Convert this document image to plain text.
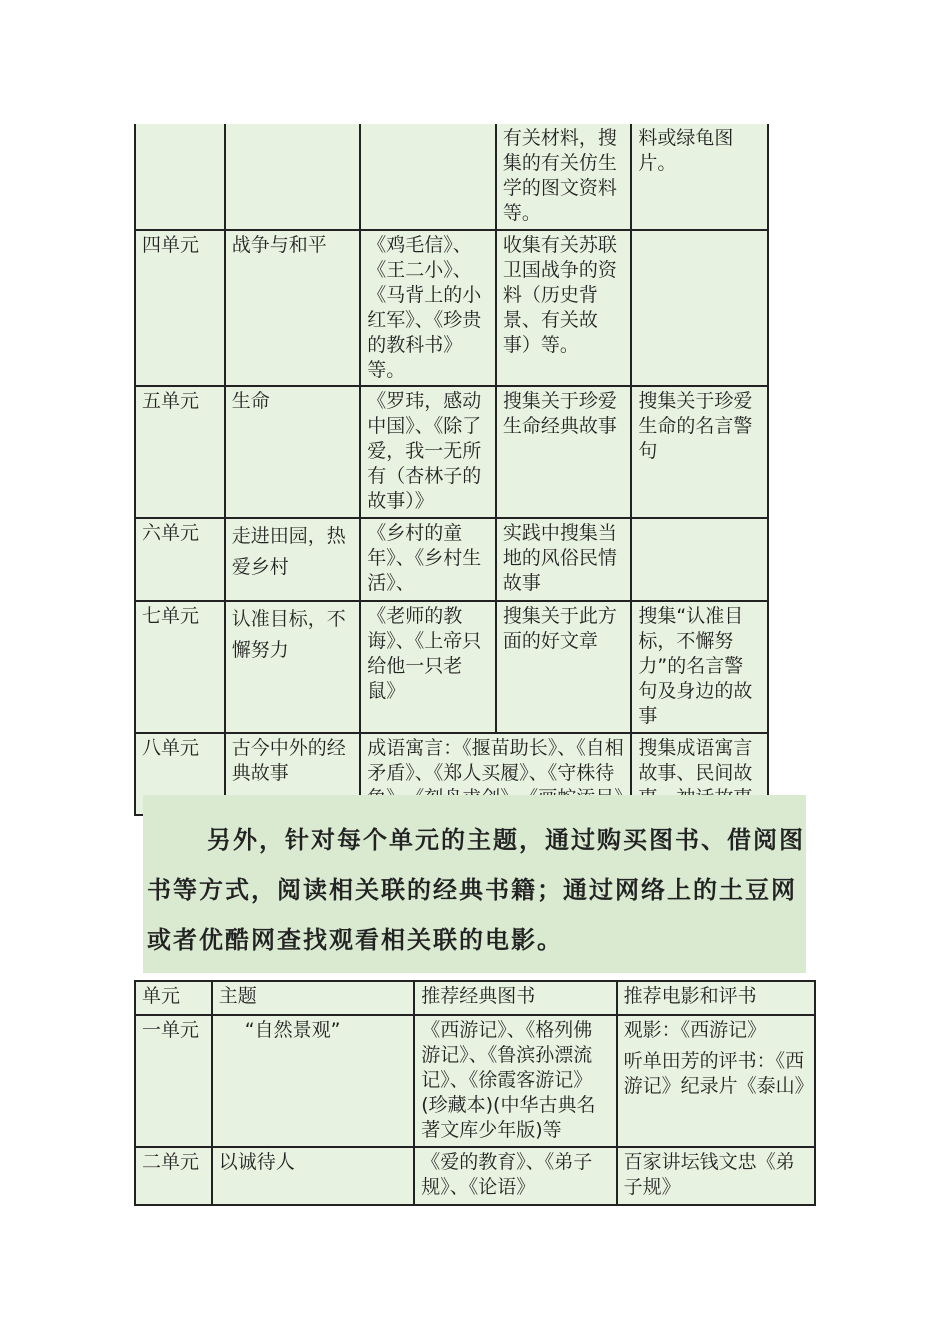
			有关材料，搜集的有关仿生学的图文资料等。	料或绿龟图片。
四单元	战争与和平	《鸡毛信》、《王二小》、《马背上的小红军》、《珍贵的教科书》等。	收集有关苏联卫国战争的资料（历史背景、有关故事）等。	
五单元	生命	《罗玮，感动中国》、《除了爱，我一无所有（杏林子的故事）》	搜集关于珍爱生命经典故事	搜集关于珍爱生命的名言警句
六单元	走进田园，热爱乡村	《乡村的童年》、《乡村生活》、	实践中搜集当地的风俗民情故事	
七单元	认准目标，不懈努力	《老师的教诲》、《上帝只给他一只老鼠》	搜集关于此方面的好文章	搜集“认准目标，不懈努力”的名言警句及身边的故事
八单元	古今中外的经典故事	成语寓言：《揠苗助长》、《自相矛盾》、《郑人买履》、《守株待		搜集成语寓言故事、民间故

另外，针对每个单元的主题，通过购买图书、借阅图书等方式，阅读相关联的经典书籍；通过网络上的土豆网或者优酷网查找观看相关联的电影。

单元	主题	推荐经典图书	推荐电影和评书
一单元	“自然景观”	《西游记》、《格列佛游记》、《鲁滨孙漂流记》、《徐霞客游记》(珍藏本)(中华古典名著文库少年版)等	观影：《西游记》
听单田芳的评书：《西游记》纪录片《泰山》

二单元	以诚待人	《爱的教育》、《弟子规》、《论语》	百家讲坛钱文忠《弟子规》
